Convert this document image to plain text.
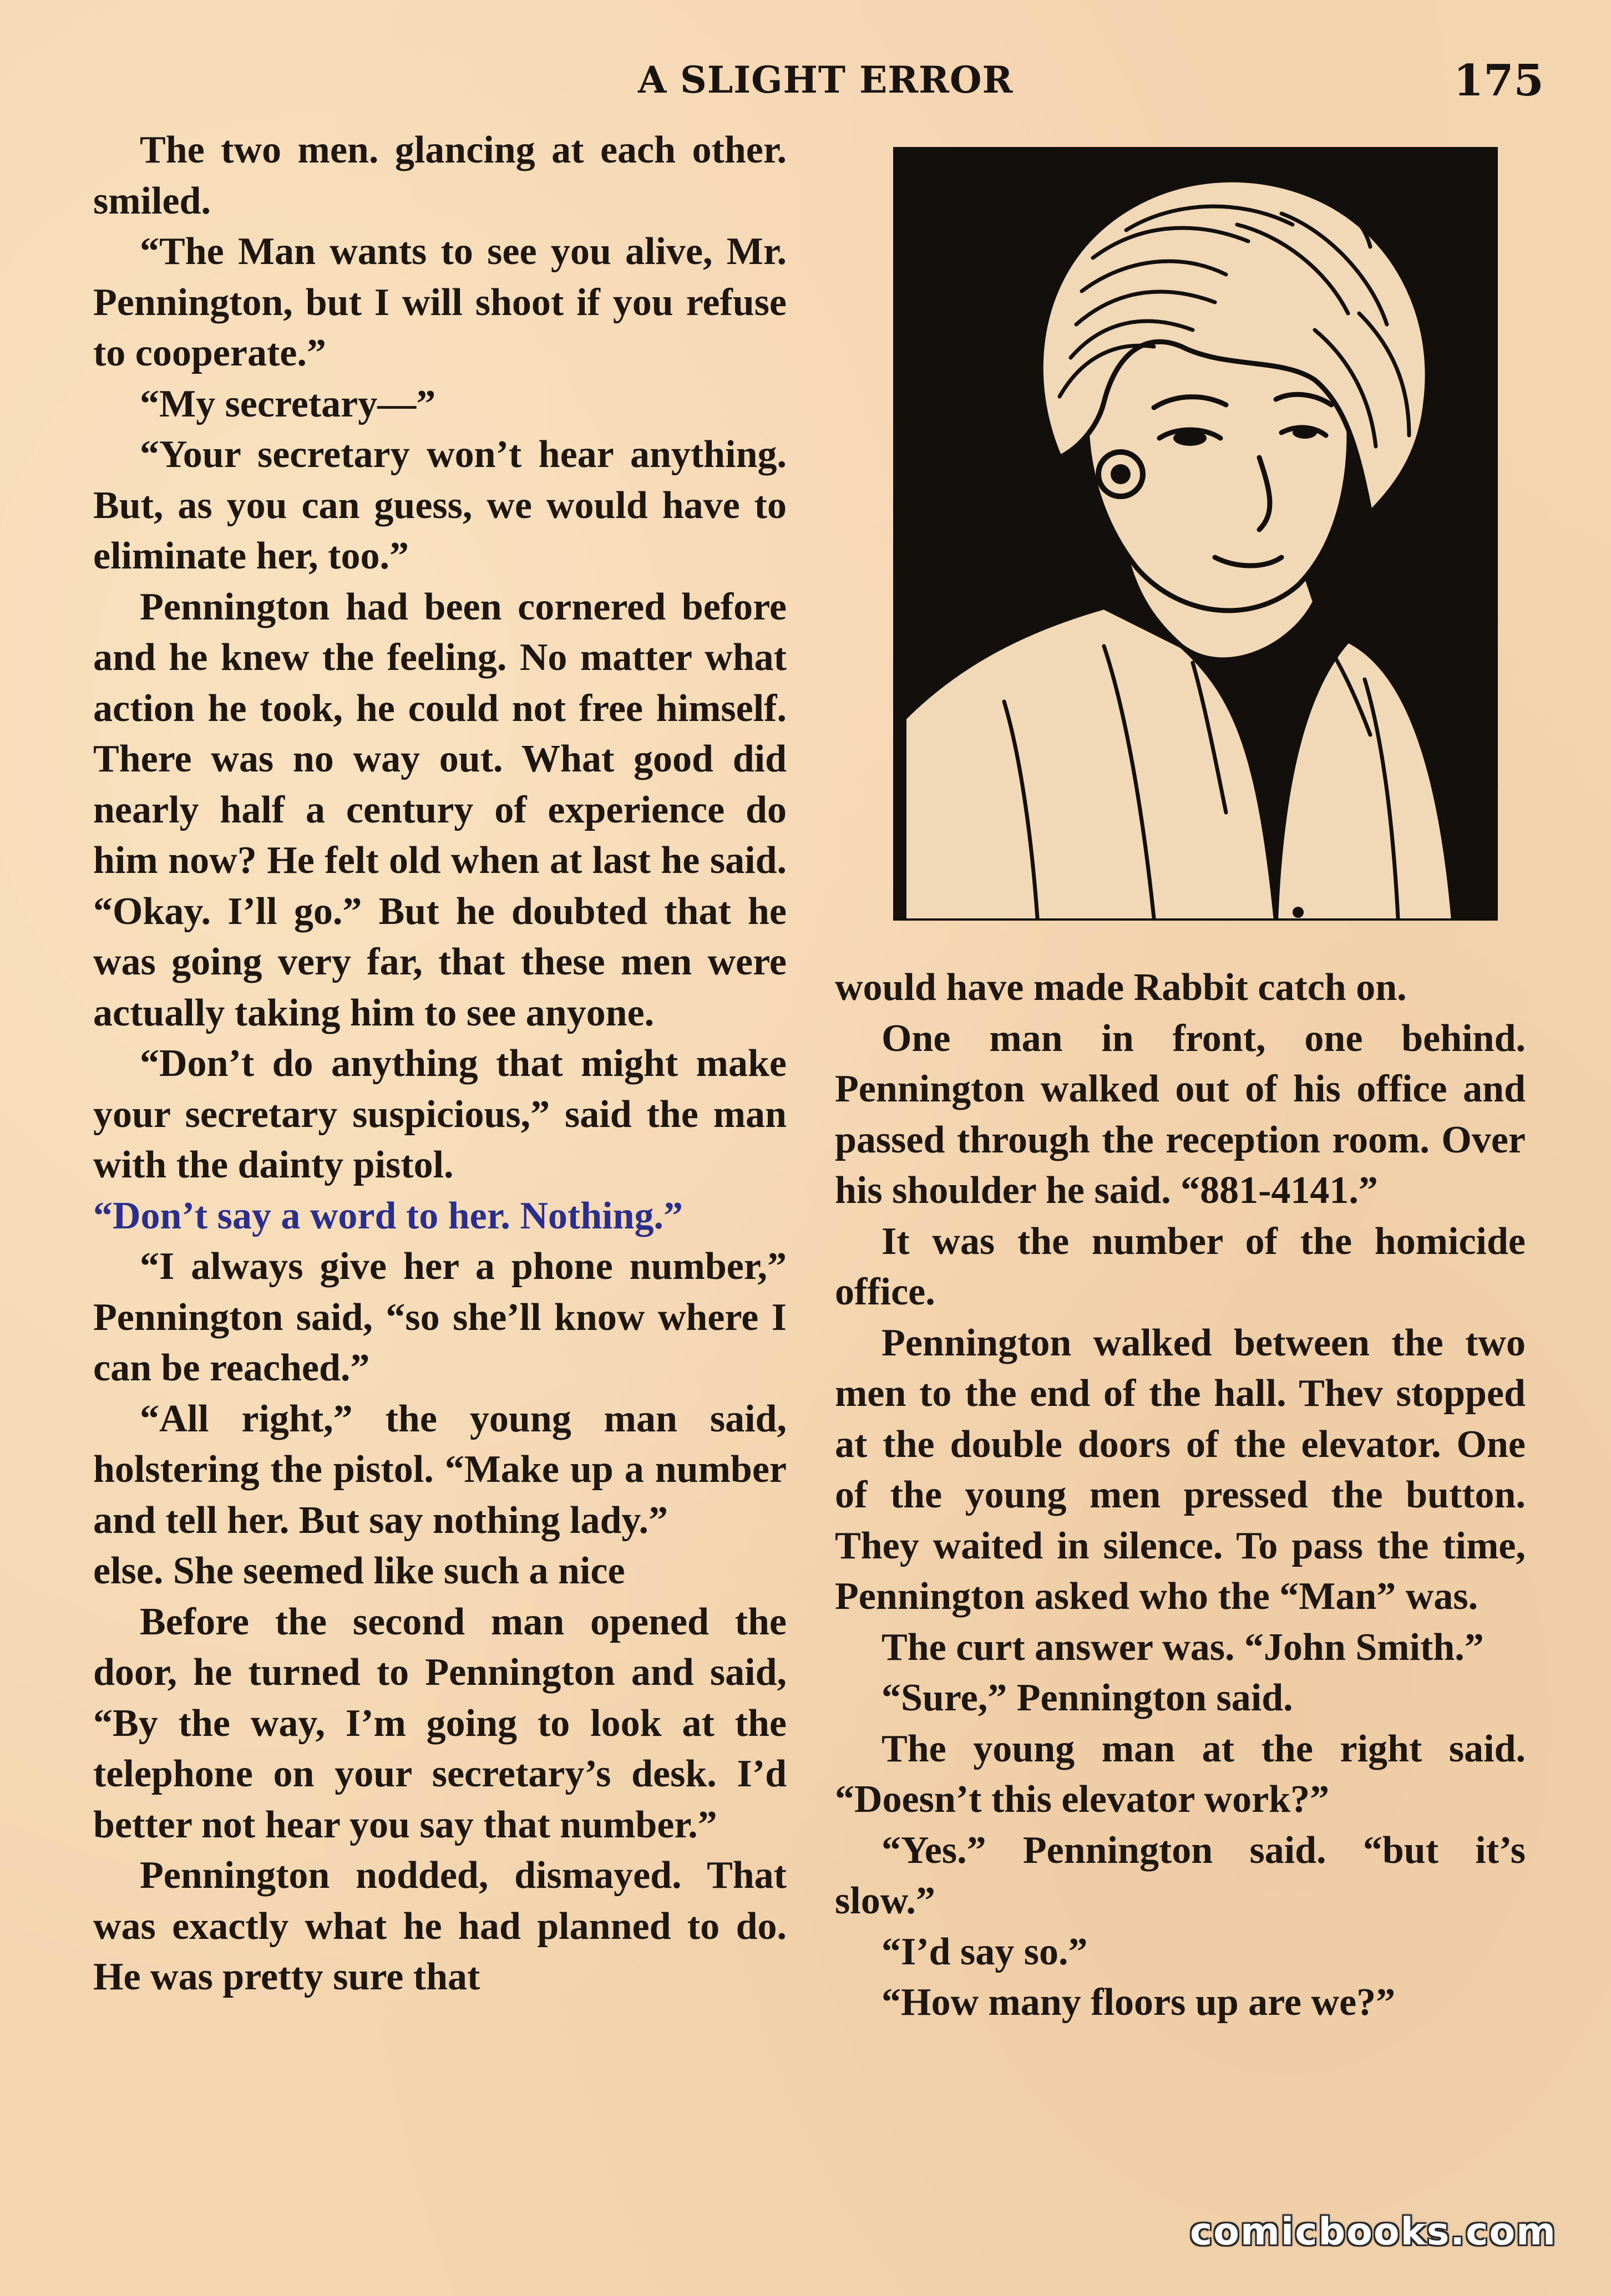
A SLIGHT ERROR	175

The two men. glancing at each other. smiled.

“The Man wants to see you alive, Mr. Pennington, but I will shoot if you refuse to cooperate.”

“My secretary—”

“Your secretary won’t hear anything. But, as you can guess, we would have to eliminate her, too.”

Pennington had been cornered before and he knew the feeling. No matter what action he took, he could not free himself. There was no way out. What good did nearly half a century of experience do him now? He felt old when at last he said. “Okay. I’ll go.” But he doubted that he was going very far, that these men were actually taking him to see anyone.

“Don’t do anything that might make your secretary suspicious,” said the man with the dainty pistol.

“Don’t say a word to her. Nothing.”

“I always give her a phone number,” Pennington said, “so she’ll know where I can be reached.”

“All right,” the young man said, holstering the pistol. “Make up a number and tell her. But say nothing lady.”

else. She seemed like such a nice

Before the second man opened the door, he turned to Pennington and said, “By the way, I’m going to look at the telephone on your secretary’s desk. I’d better not hear you say that number.”

Pennington nodded, dismayed. That was exactly what he had planned to do. He was pretty sure that

would have made Rabbit catch on.

One man in front, one behind. Pennington walked out of his office and passed through the reception room. Over his shoulder he said. “881-4141.”

It was the number of the homicide office.

Pennington walked between the two men to the end of the hall. Thev stopped at the double doors of the elevator. One of the young men pressed the button. They waited in silence. To pass the time, Pennington asked who the “Man” was.

The curt answer was. “John Smith.”

“Sure,” Pennington said.

The young man at the right said. “Doesn’t this elevator work?”

“Yes.” Pennington said. “but it’s slow.”

“I’d say so.”

“How many floors up are we?”

comicbooks.com
